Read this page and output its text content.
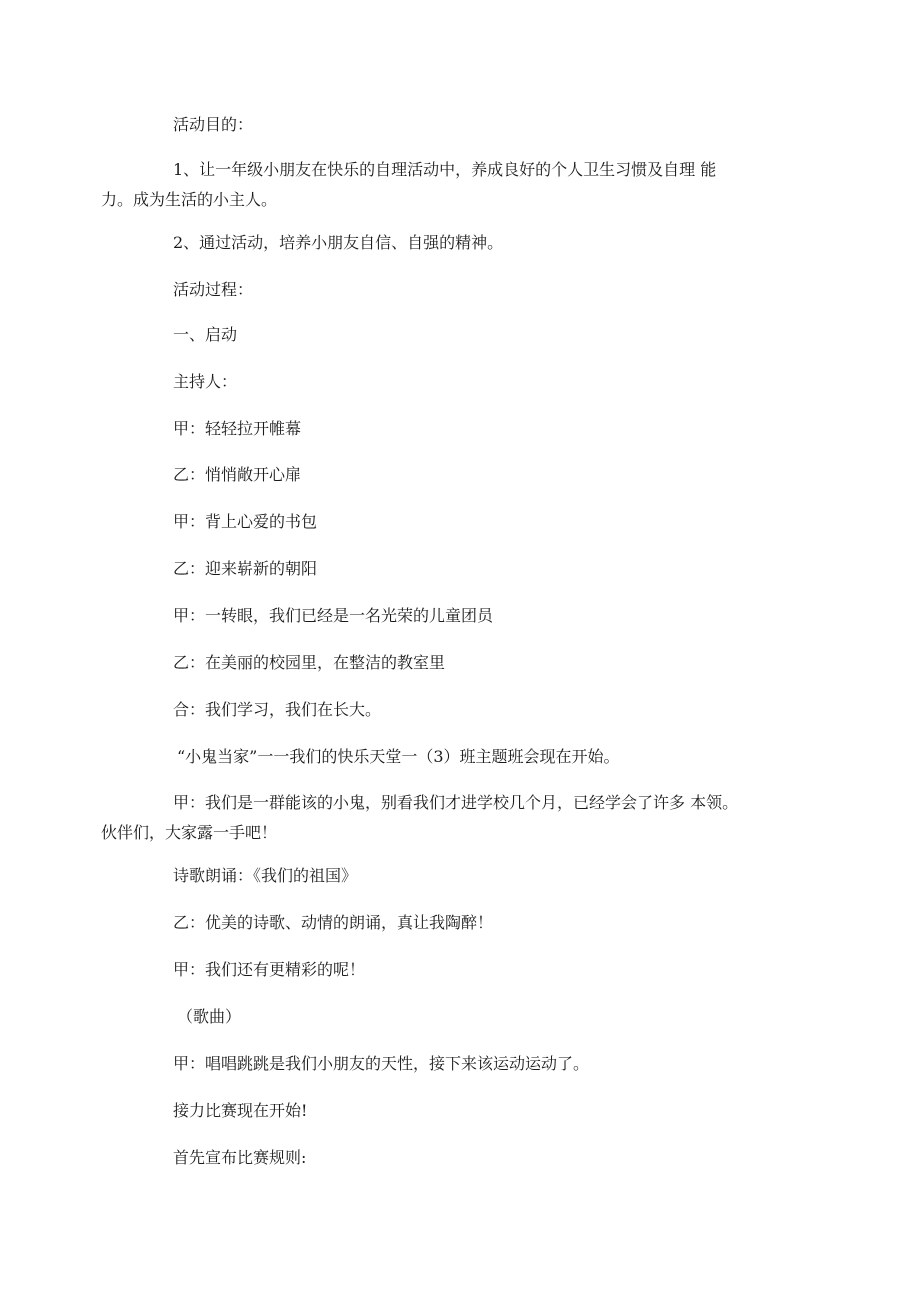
活动目的：

1、让一年级小朋友在快乐的自理活动中，养成良好的个人卫生习惯及自理 能
力。成为生活的小主人。

2、通过活动，培养小朋友自信、自强的精神。

活动过程：

一、启动

主持人：

甲：轻轻拉开帷幕

乙：悄悄敞开心扉

甲：背上心爱的书包

乙：迎来崭新的朝阳

甲：一转眼，我们已经是一名光荣的儿童团员

乙：在美丽的校园里，在整洁的教室里

合：我们学习，我们在长大。

“小鬼当家”一一我们的快乐天堂一（3）班主题班会现在开始。

甲：我们是一群能该的小鬼，别看我们才进学校几个月，已经学会了许多 本领。
伙伴们，大家露一手吧！

诗歌朗诵：《我们的祖国》

乙：优美的诗歌、动情的朗诵，真让我陶醉！

甲：我们还有更精彩的呢！

（歌曲）

甲：唱唱跳跳是我们小朋友的天性，接下来该运动运动了。

接力比赛现在开始!

首先宣布比赛规则:
